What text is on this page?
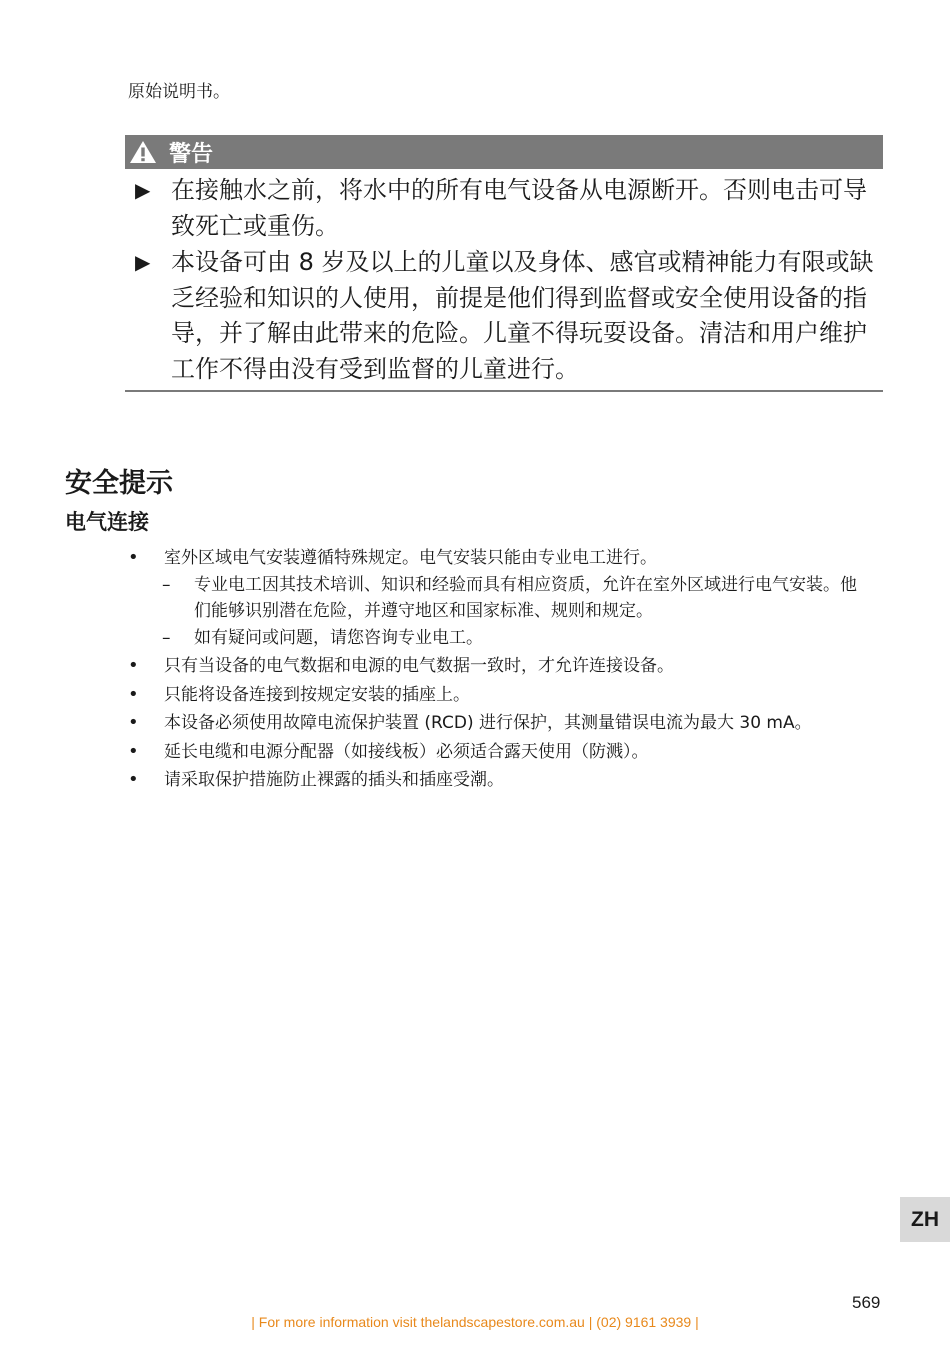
原始说明书。
警告
▶ 在接触水之前，将水中的所有电气设备从电源断开。否则电击可导致死亡或重伤。
▶ 本设备可由 8 岁及以上的儿童以及身体、感官或精神能力有限或缺乏经验和知识的人使用，前提是他们得到监督或安全使用设备的指导，并了解由此带来的危险。儿童不得玩耍设备。清洁和用户维护工作不得由没有受到监督的儿童进行。
安全提示
电气连接
•	室外区域电气安装遵循特殊规定。电气安装只能由专业电工进行。
–	专业电工因其技术培训、知识和经验而具有相应资质，允许在室外区域进行电气安装。他们能够识别潜在危险，并遵守地区和国家标准、规则和规定。
–	如有疑问或问题，请您咨询专业电工。
•	只有当设备的电气数据和电源的电气数据一致时，才允许连接设备。
•	只能将设备连接到按规定安装的插座上。
•	本设备必须使用故障电流保护装置 (RCD) 进行保护，其测量错误电流为最大 30 mA。
•	延长电缆和电源分配器（如接线板）必须适合露天使用（防溅）。
•	请采取保护措施防止裸露的插头和插座受潮。
ZH
569
| For more information visit thelandscapestore.com.au | (02) 9161 3939 |
